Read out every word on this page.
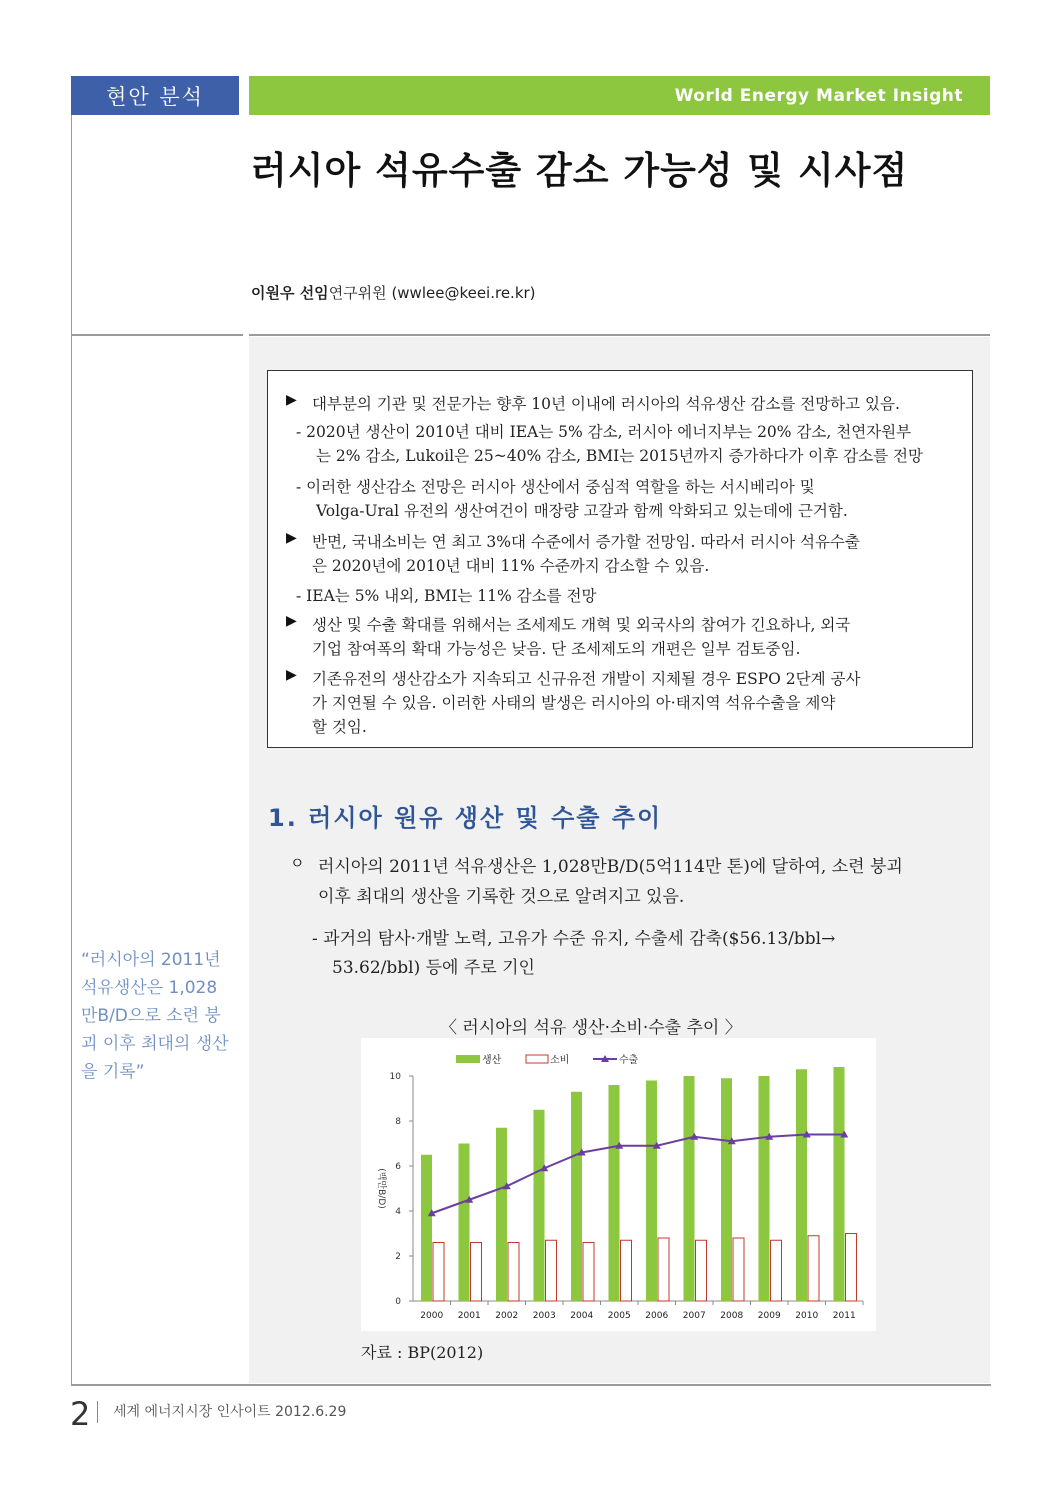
현안 분석	World Energy Market Insight
러시아 석유수출 감소 가능성 및 시사점
이원우 선임연구위원 (wwlee@keei.re.kr)
▶ 대부분의 기관 및 전문가는 향후 10년 이내에 러시아의 석유생산 감소를 전망하고 있음.
- 2020년 생산이 2010년 대비 IEA는 5% 감소, 러시아 에너지부는 20% 감소, 천연자원부
는 2% 감소, Lukoil은 25~40% 감소, BMI는 2015년까지 증가하다가 이후 감소를 전망
- 이러한 생산감소 전망은 러시아 생산에서 중심적 역할을 하는 서시베리아 및
Volga-Ural 유전의 생산여건이 매장량 고갈과 함께 악화되고 있는데에 근거함.
▶ 반면, 국내소비는 연 최고 3%대 수준에서 증가할 전망임. 따라서 러시아 석유수출
은 2020년에 2010년 대비 11% 수준까지 감소할 수 있음.
- IEA는 5% 내외, BMI는 11% 감소를 전망
▶ 생산 및 수출 확대를 위해서는 조세제도 개혁 및 외국사의 참여가 긴요하나, 외국
기업 참여폭의 확대 가능성은 낮음. 단 조세제도의 개편은 일부 검토중임.
▶ 기존유전의 생산감소가 지속되고 신규유전 개발이 지체될 경우 ESPO 2단계 공사
가 지연될 수 있음. 이러한 사태의 발생은 러시아의 아·태지역 석유수출을 제약
할 것임.
1. 러시아 원유 생산 및 수출 추이
ㅇ 러시아의 2011년 석유생산은 1,028만B/D(5억114만 톤)에 달하여, 소련 붕괴
이후 최대의 생산을 기록한 것으로 알려지고 있음.
- 과거의 탐사·개발 노력, 고유가 수준 유지, 수출세 감축($56.13/bbl→
53.62/bbl) 등에 주로 기인
“러시아의 2011년 석유생산은 1,028만B/D으로 소련 붕괴 이후 최대의 생산을 기록”
〈 러시아의 석유 생산·소비·수출 추이 〉
0
2
4
6
8
10
(백만B/D)
2000 2001 2002 2003 2004 2005 2006 2007 2008 2009 2010 2011
생산	소비	수출
자료 : BP(2012)
2 세계 에너지시장 인사이트 2012.6.29
